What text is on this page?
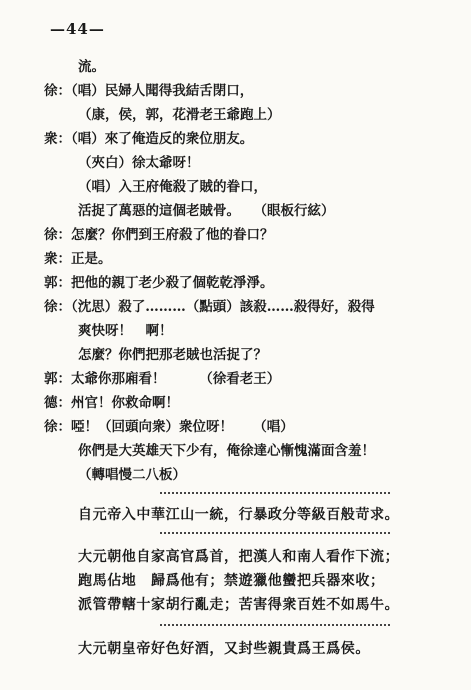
—44—
流。
徐：（唱）民婦人聞得我結舌閉口，
（康，侯，郭，花滑老王爺跑上）
衆：（唱）來了俺造反的衆位朋友。
（夾白）徐太爺呀！
（唱）入王府俺殺了賊的眷口，
活捉了萬惡的這個老賊骨。　　（眼板行絃）
徐：怎麼？你們到王府殺了他的眷口？
衆：正是。
郭：把他的親丁老少殺了個乾乾淨淨。
徐：（沈思）殺了………（點頭）該殺……殺得好，殺得
爽快呀！　啊！
怎麼？你們把那老賊也活捉了？
郭：太爺你那廂看！　　　（徐看老王）
德：州官！你救命啊！
徐：啞！（回頭向衆）衆位呀！　　（唱）
你們是大英雄天下少有，俺徐達心慚愧滿面含羞！
（轉唱慢二八板）
自元帝入中華江山一統，行暴政分等級百般苛求。
大元朝他自家高官爲首，把漢人和南人看作下流；
跑馬佔地　歸爲他有；禁遊獵他蠻把兵器來收；
派管帶轄十家胡行亂走；苦害得衆百姓不如馬牛。
大元朝皇帝好色好酒，又封些親貴爲王爲侯。
